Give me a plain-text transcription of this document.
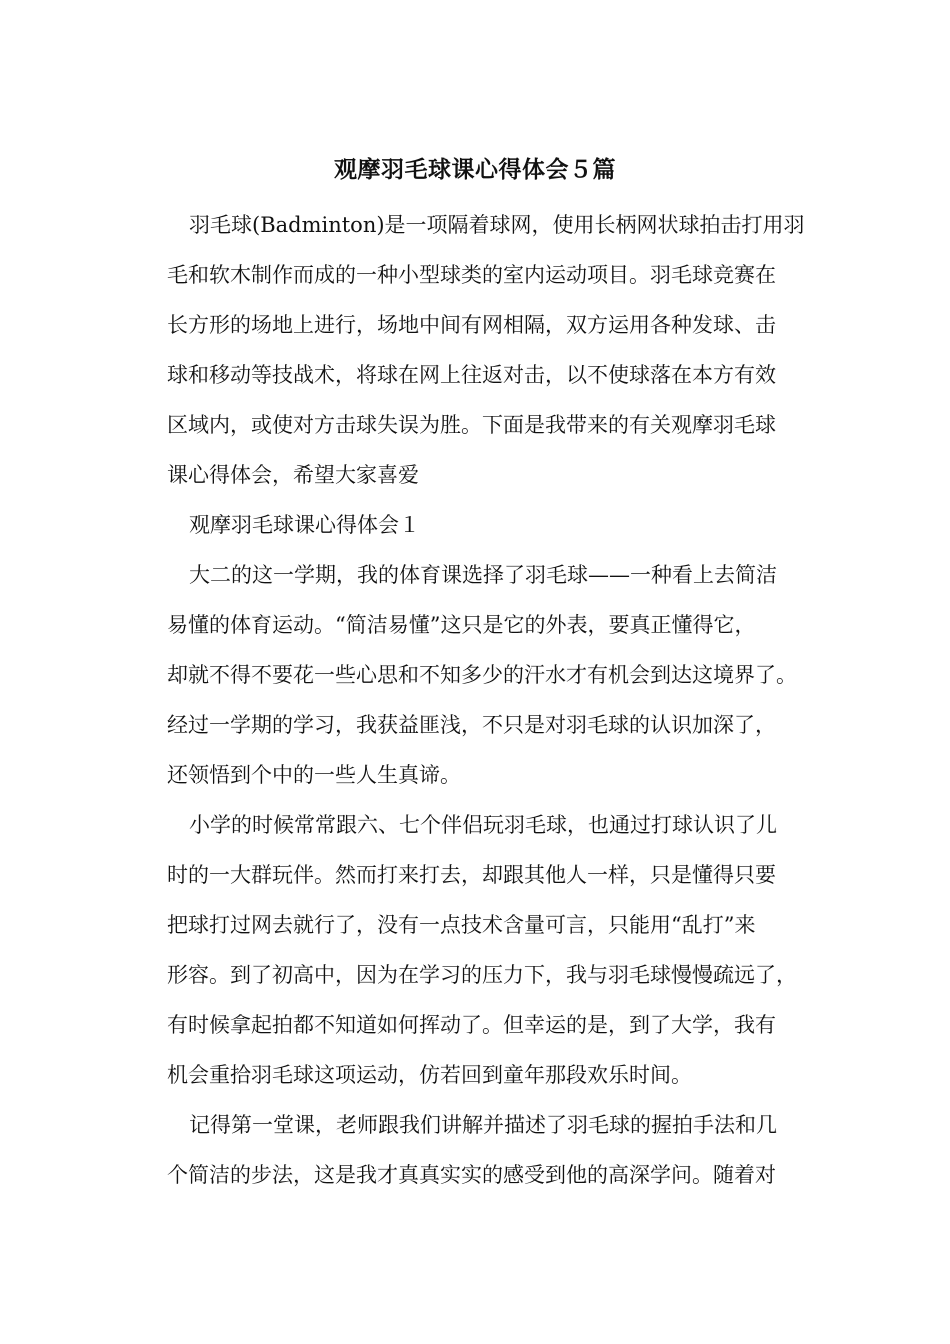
观摩羽毛球课心得体会５篇
羽毛球(Badminton)是一项隔着球网，使用长柄网状球拍击打用羽
毛和软木制作而成的一种小型球类的室内运动项目。羽毛球竞赛在
长方形的场地上进行，场地中间有网相隔，双方运用各种发球、击
球和移动等技战术，将球在网上往返对击，以不使球落在本方有效
区域内，或使对方击球失误为胜。下面是我带来的有关观摩羽毛球
课心得体会，希望大家喜爱
观摩羽毛球课心得体会１
大二的这一学期，我的体育课选择了羽毛球——一种看上去简洁
易懂的体育运动。“简洁易懂”这只是它的外表，要真正懂得它，
却就不得不要花一些心思和不知多少的汗水才有机会到达这境界了。
经过一学期的学习，我获益匪浅，不只是对羽毛球的认识加深了，
还领悟到个中的一些人生真谛。
小学的时候常常跟六、七个伴侣玩羽毛球，也通过打球认识了儿
时的一大群玩伴。然而打来打去，却跟其他人一样，只是懂得只要
把球打过网去就行了，没有一点技术含量可言，只能用“乱打”来
形容。到了初高中，因为在学习的压力下，我与羽毛球慢慢疏远了，
有时候拿起拍都不知道如何挥动了。但幸运的是，到了大学，我有
机会重拾羽毛球这项运动，仿若回到童年那段欢乐时间。
记得第一堂课，老师跟我们讲解并描述了羽毛球的握拍手法和几
个简洁的步法，这是我才真真实实的感受到他的高深学问。随着对
